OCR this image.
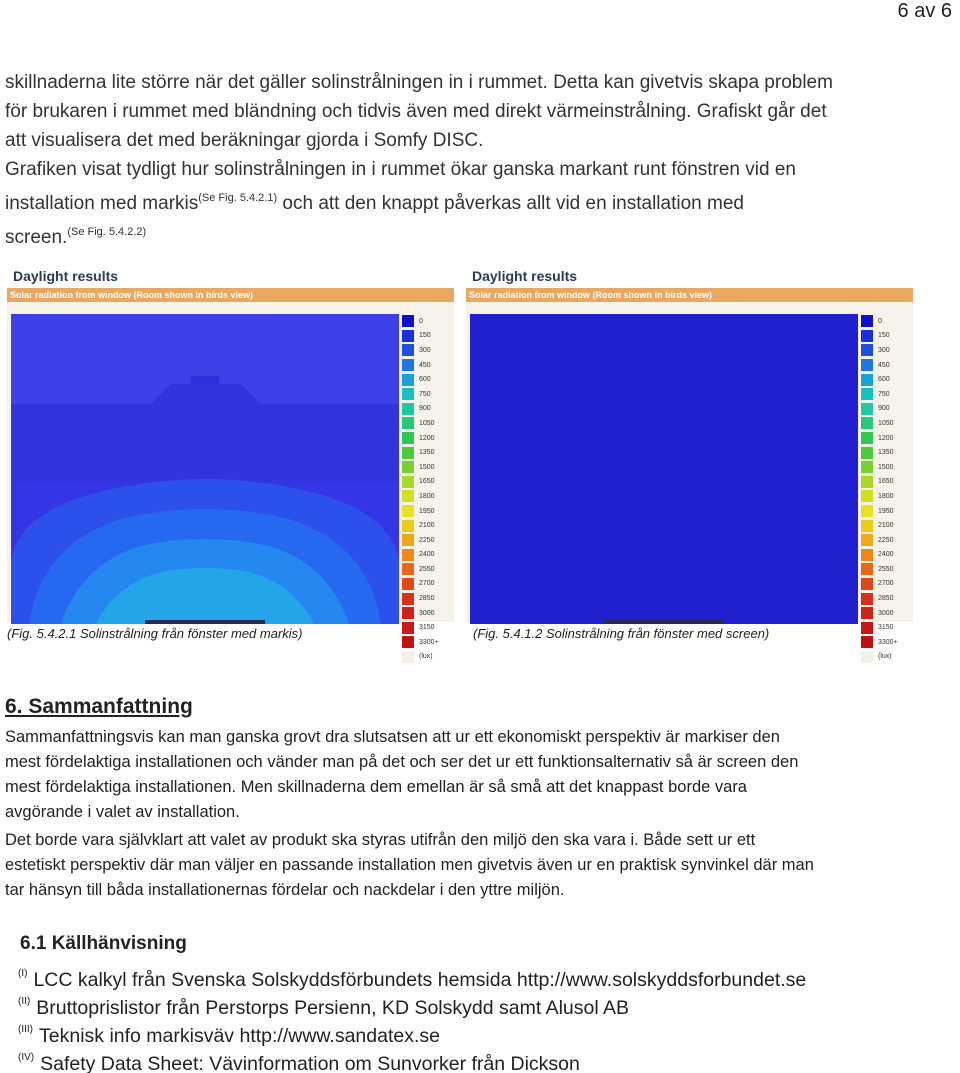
6 av 6
skillnaderna lite större när det gäller solinstrålningen in i rummet. Detta kan givetvis skapa problem
för brukaren i rummet med bländning och tidvis även med direkt värmeinstrålning. Grafiskt går det
att visualisera det med beräkningar gjorda i Somfy DISC.
Grafiken visat tydligt hur solinstrålningen in i rummet ökar ganska markant runt fönstren vid en
installation med markis$^{(Se Fig. 5.4.2.1)}$ och att den knappt påverkas allt vid en installation med
screen.$^{(Se Fig. 5.4.2.2)}$
Daylight results
Solar radiation from window (Room shown in birds view)
0
150
300
450
600
750
900
1050
1200
1350
1500
1650
1800
1950
2100
2250
2400
2550
2700
2850
3000
3150
3300+
(lux)
(Fig. 5.4.2.1 Solinstrålning från fönster med markis)
Daylight results
Solar radiation from window (Room shown in birds view)
0
150
300
450
600
750
900
1050
1200
1350
1500
1650
1800
1950
2100
2250
2400
2550
2700
2850
3000
3150
3300+
(lux)
(Fig. 5.4.1.2 Solinstrålning från fönster med screen)
6. Sammanfattning
Sammanfattningsvis kan man ganska grovt dra slutsatsen att ur ett ekonomiskt perspektiv är markiser den
mest fördelaktiga installationen och vänder man på det och ser det ur ett funktionsalternativ så är screen den
mest fördelaktiga installationen. Men skillnaderna dem emellan är så små att det knappast borde vara
avgörande i valet av installation.
Det borde vara självklart att valet av produkt ska styras utifrån den miljö den ska vara i. Både sett ur ett
estetiskt perspektiv där man väljer en passande installation men givetvis även ur en praktisk synvinkel där man
tar hänsyn till båda installationernas fördelar och nackdelar i den yttre miljön.
6.1 Källhänvisning
$^{(I)}$ LCC kalkyl från Svenska Solskyddsförbundets hemsida http://www.solskyddsforbundet.se
$^{(II)}$ Bruttoprislistor från Perstorps Persienn, KD Solskydd samt Alusol AB
$^{(III)}$ Teknisk info markisväv http://www.sandatex.se
$^{(IV)}$ Safety Data Sheet: Vävinformation om Sunvorker från Dickson
